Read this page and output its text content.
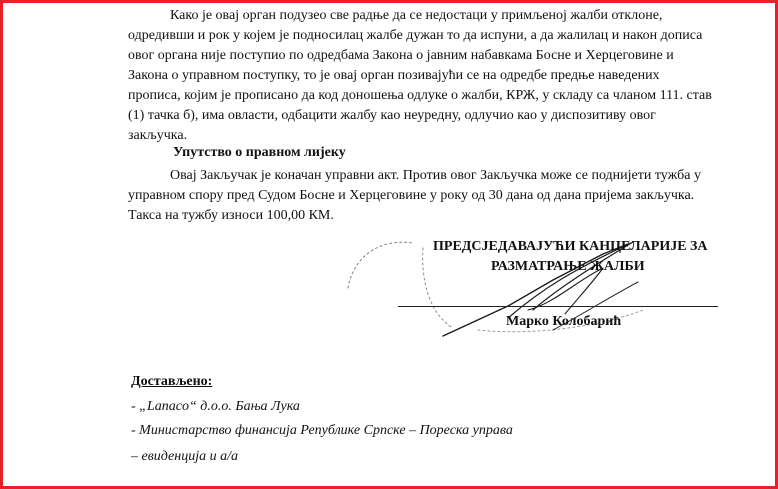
Како је овај орган подузео све радње да се недостаци у примљеној жалби отклоне,

одредивши и рок у којем је подносилац жалбе дужан то да испуни, а да жалилац и након дописа

овог органа није поступио по одредбама Закона о јавним набавкама Босне и Херцеговине и

Закона о управном поступку, то је овај орган позивајући се на одредбе предње наведених

прописа, којим је прописано да код доношења одлуке о жалби, КРЖ, у складу са чланом 111. став

(1) тачка б), има овласти, одбацити жалбу као неуредну, одлучио као у диспозитиву овог

закључка.

Упутство о правном лијеку

Овај Закључак је коначан управни акт. Против овог Закључка може се поднијети тужба у

управном спору пред Судом Босне и Херцеговине у року од 30 дана од дана пријема закључка.

Такса на тужбу износи 100,00 КМ.

ПРЕДСЈЕДАВАЈУЋИ КАНЦЕЛАРИЈЕ ЗА
РАЗМАТРАЊЕ ЖАЛБИ
Марко Колобарић
Достављено:
- „Lanaco“ д.о.о. Бања Лука
- Министарство финансија Републике Српске – Пореска управа
– евиденција и а/а
